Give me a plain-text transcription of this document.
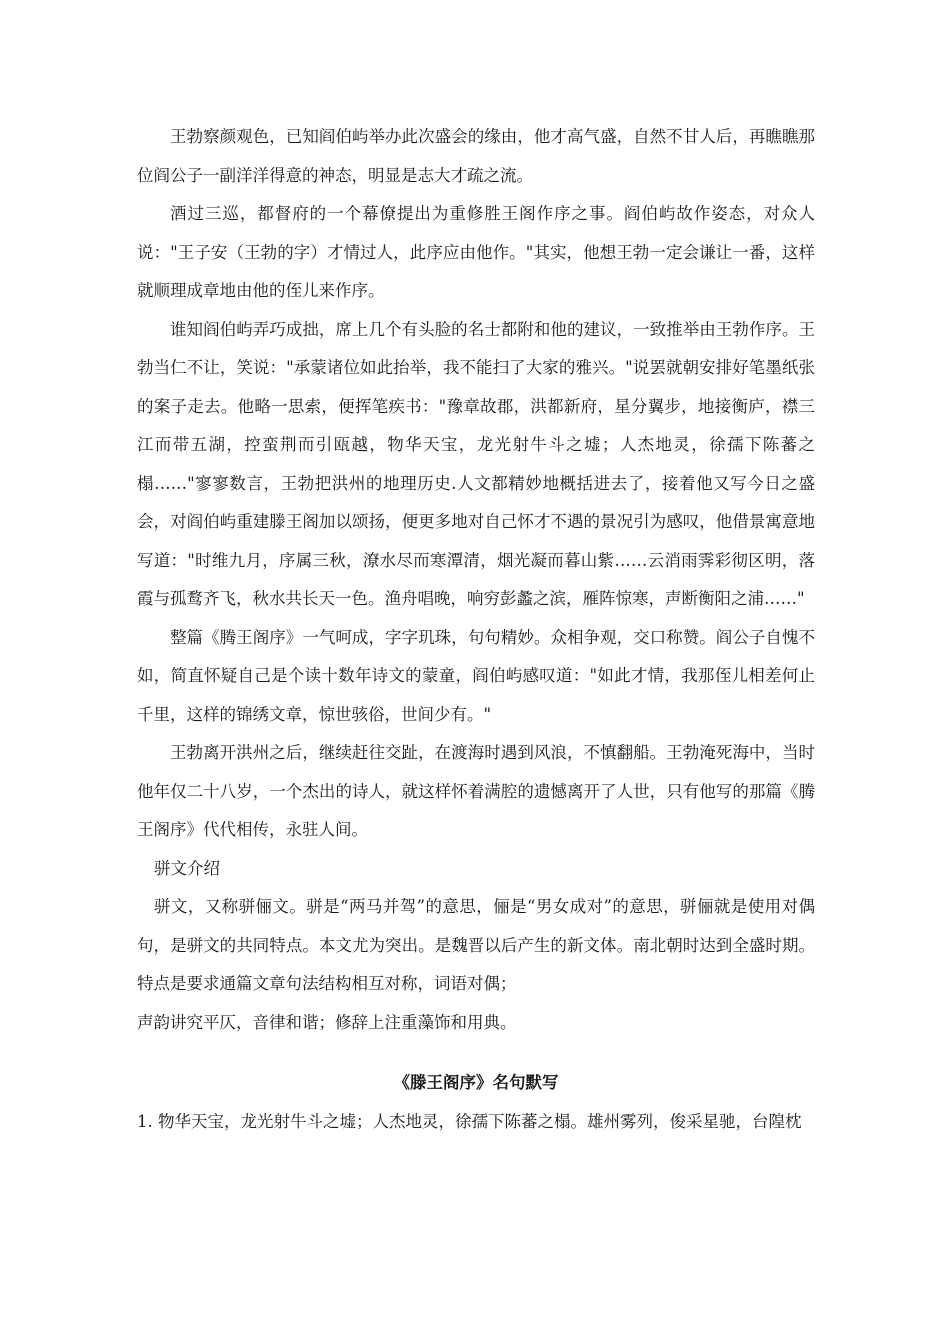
王勃察颜观色，已知阎伯屿举办此次盛会的缘由，他才高气盛，自然不甘人后，再瞧瞧那位阎公子一副洋洋得意的神态，明显是志大才疏之流。

酒过三巡，都督府的一个幕僚提出为重修胜王阁作序之事。阎伯屿故作姿态，对众人说："王子安（王勃的字）才情过人，此序应由他作。"其实，他想王勃一定会谦让一番，这样就顺理成章地由他的侄儿来作序。

谁知阎伯屿弄巧成拙，席上几个有头脸的名士都附和他的建议，一致推举由王勃作序。王勃当仁不让，笑说："承蒙诸位如此抬举，我不能扫了大家的雅兴。"说罢就朝安排好笔墨纸张的案子走去。他略一思索，便挥笔疾书："豫章故郡，洪都新府，星分翼步，地接衡庐，襟三江而带五湖，控蛮荆而引瓯越，物华天宝，龙光射牛斗之墟；人杰地灵，徐孺下陈蕃之榻……"寥寥数言，王勃把洪州的地理历史.人文都精妙地概括进去了，接着他又写今日之盛会，对阎伯屿重建滕王阁加以颂扬，便更多地对自己怀才不遇的景况引为感叹，他借景寓意地写道："时维九月，序属三秋，潦水尽而寒潭清，烟光凝而暮山紫……云消雨霁彩彻区明，落霞与孤鹜齐飞，秋水共长天一色。渔舟唱晚，响穷彭蠡之滨，雁阵惊寒，声断衡阳之浦……"

整篇《腾王阁序》一气呵成，字字玑珠，句句精妙。众相争观，交口称赞。阎公子自愧不如，简直怀疑自己是个读十数年诗文的蒙童，阎伯屿感叹道："如此才情，我那侄儿相差何止千里，这样的锦绣文章，惊世骇俗，世间少有。"

王勃离开洪州之后，继续赶往交趾，在渡海时遇到风浪，不慎翻船。王勃淹死海中，当时他年仅二十八岁，一个杰出的诗人，就这样怀着满腔的遗憾离开了人世，只有他写的那篇《腾王阁序》代代相传，永驻人间。

骈文介绍

骈文，又称骈俪文。骈是“两马并驾”的意思，俪是“男女成对”的意思，骈俪就是使用对偶句，是骈文的共同特点。本文尤为突出。是魏晋以后产生的新文体。南北朝时达到全盛时期。特点是要求通篇文章句法结构相互对称，词语对偶；

声韵讲究平仄，音律和谐；修辞上注重藻饰和用典。

《滕王阁序》名句默写

1. 物华天宝，龙光射牛斗之墟；人杰地灵，徐孺下陈蕃之榻。雄州雾列，俊采星驰，台隍枕
